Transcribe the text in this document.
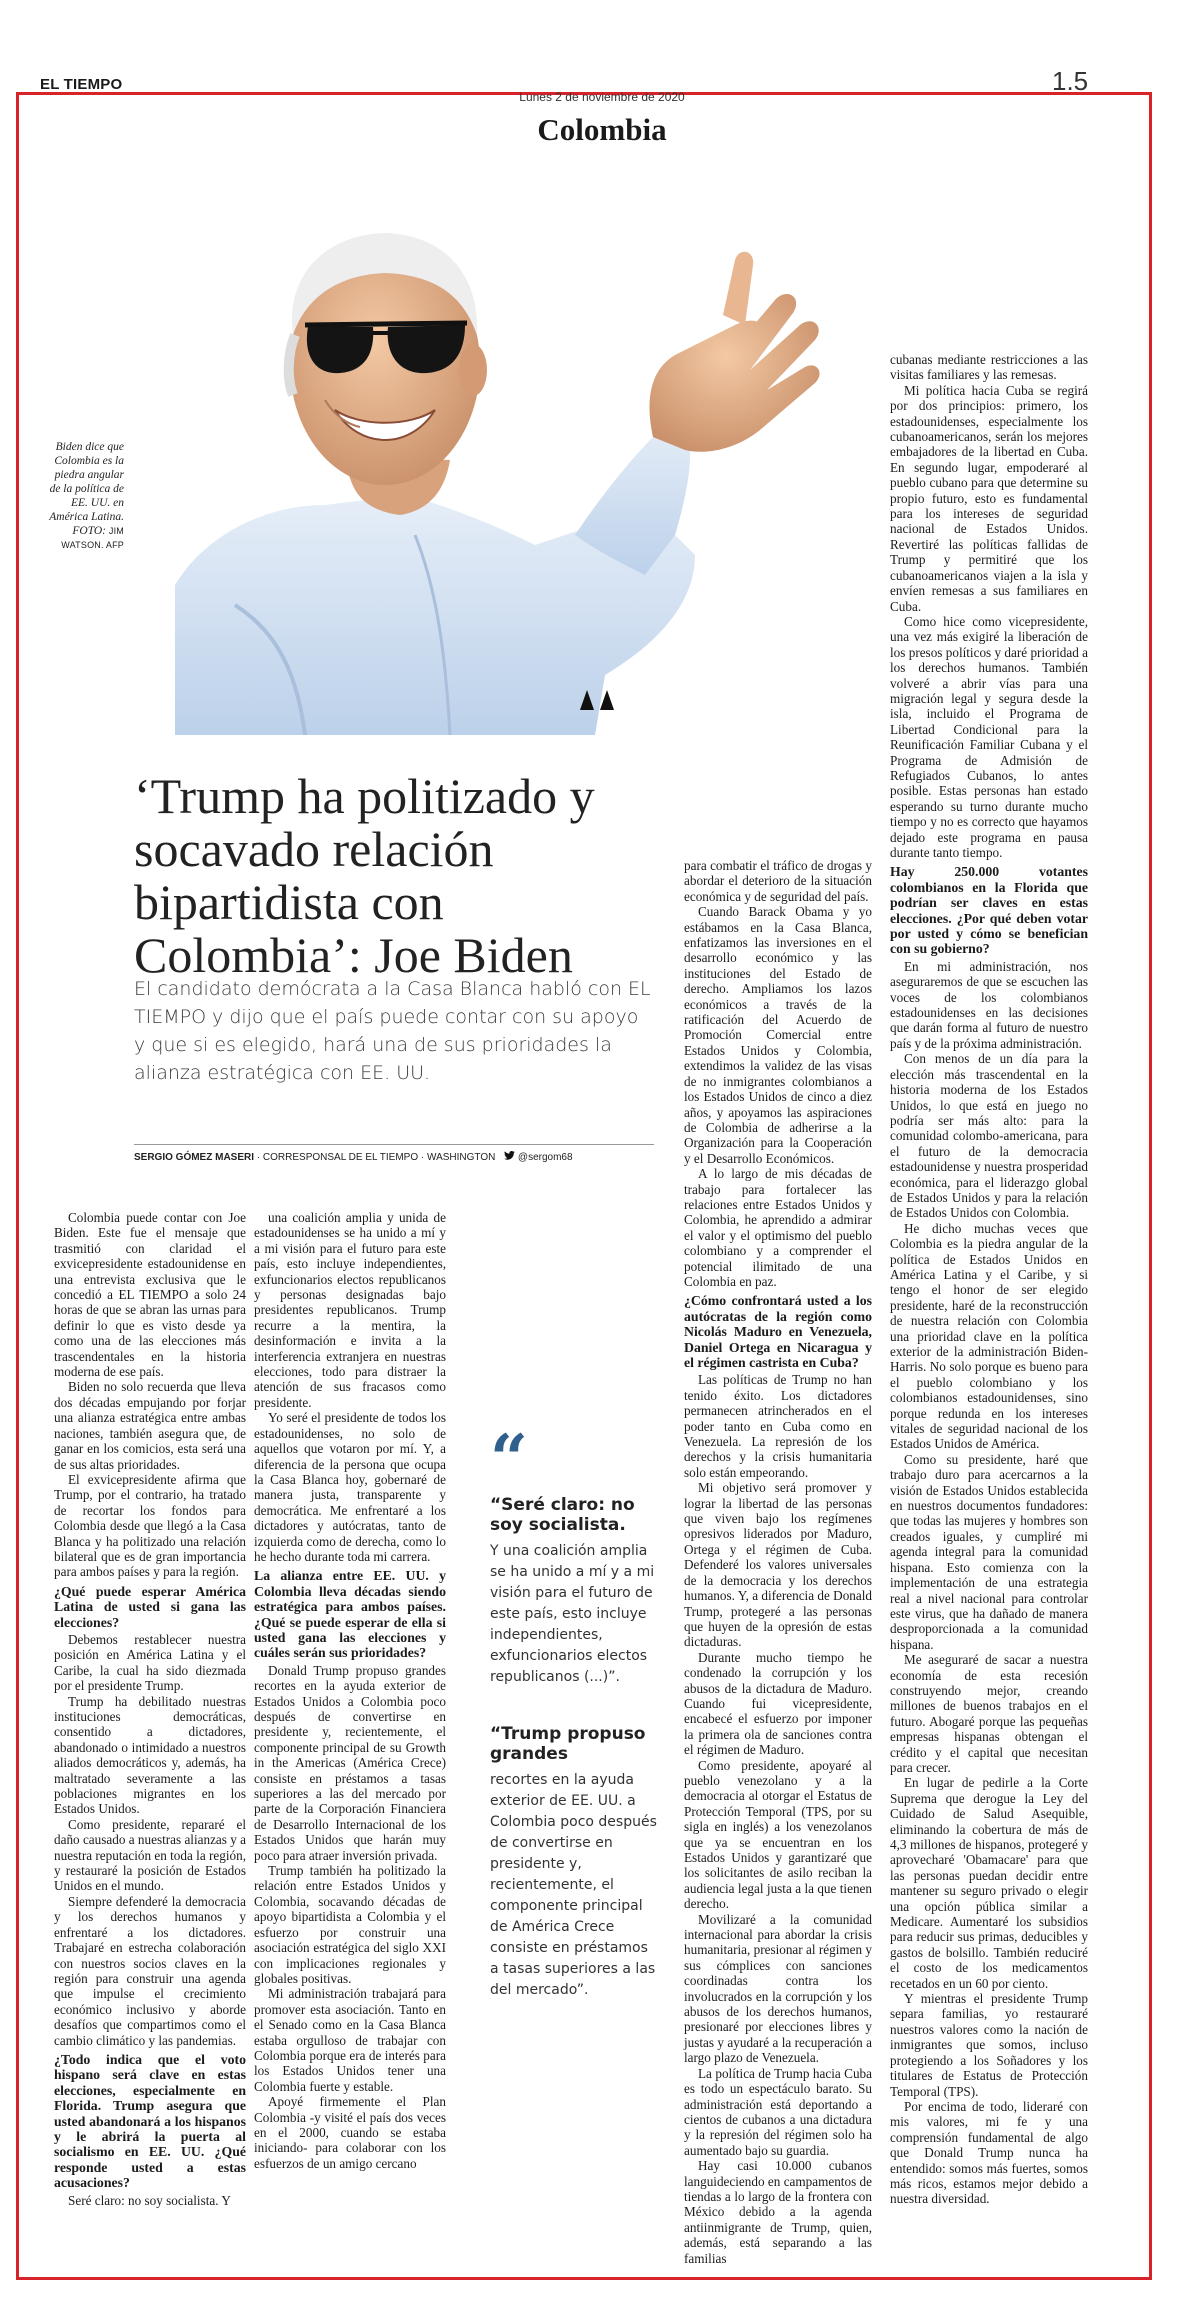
EL TIEMPO	1.5
Lunes 2 de noviembre de 2020
Colombia
Biden dice que Colombia es la piedra angular de la política de EE. UU. en América Latina. FOTO: JIM WATSON. AFP
‘Trump ha politizado y socavado relación bipartidista con Colombia’: Joe Biden
El candidato demócrata a la Casa Blanca habló con EL TIEMPO y dijo que el país puede contar con su apoyo y que si es elegido, hará una de sus prioridades la alianza estratégica con EE. UU.
SERGIO GÓMEZ MASERI · CORRESPONSAL DE EL TIEMPO · WASHINGTON @sergom68

Colombia puede contar con Joe Biden. Este fue el mensaje que trasmitió con claridad el exvicepresidente estadounidense en una entrevista exclusiva que le concedió a EL TIEMPO a solo 24 horas de que se abran las urnas para definir lo que es visto desde ya como una de las elecciones más trascendentales en la historia moderna de ese país.

Biden no solo recuerda que lleva dos décadas empujando por forjar una alianza estratégica entre ambas naciones, también asegura que, de ganar en los comicios, esta será una de sus altas prioridades.

El exvicepresidente afirma que Trump, por el contrario, ha tratado de recortar los fondos para Colombia desde que llegó a la Casa Blanca y ha politizado una relación bilateral que es de gran importancia para ambos países y para la región.

¿Qué puede esperar América Latina de usted si gana las elecciones?

Debemos restablecer nuestra posición en América Latina y el Caribe, la cual ha sido diezmada por el presidente Trump.

Trump ha debilitado nuestras instituciones democráticas, consentido a dictadores, abandonado o intimidado a nuestros aliados democráticos y, además, ha maltratado severamente a las poblaciones migrantes en los Estados Unidos.

Como presidente, repararé el daño causado a nuestras alianzas y a nuestra reputación en toda la región, y restauraré la posición de Estados Unidos en el mundo.

Siempre defenderé la democracia y los derechos humanos y enfrentaré a los dictadores. Trabajaré en estrecha colaboración con nuestros socios claves en la región para construir una agenda que impulse el crecimiento económico inclusivo y aborde desafíos que compartimos como el cambio climático y las pandemias.

¿Todo indica que el voto hispano será clave en estas elecciones, especialmente en Florida. Trump asegura que usted abandonará a los hispanos y le abrirá la puerta al socialismo en EE. UU. ¿Qué responde usted a estas acusaciones?

Seré claro: no soy socialista. Y

una coalición amplia y unida de estadounidenses se ha unido a mí y a mi visión para el futuro para este país, esto incluye independientes, exfuncionarios electos republicanos y personas designadas bajo presidentes republicanos. Trump recurre a la mentira, la desinformación e invita a la interferencia extranjera en nuestras elecciones, todo para distraer la atención de sus fracasos como presidente.

Yo seré el presidente de todos los estadounidenses, no solo de aquellos que votaron por mí. Y, a diferencia de la persona que ocupa la Casa Blanca hoy, gobernaré de manera justa, transparente y democrática. Me enfrentaré a los dictadores y autócratas, tanto de izquierda como de derecha, como lo he hecho durante toda mi carrera.

La alianza entre EE. UU. y Colombia lleva décadas siendo estratégica para ambos países. ¿Qué se puede esperar de ella si usted gana las elecciones y cuáles serán sus prioridades?

Donald Trump propuso grandes recortes en la ayuda exterior de Estados Unidos a Colombia poco después de convertirse en presidente y, recientemente, el componente principal de su Growth in the Americas (América Crece) consiste en préstamos a tasas superiores a las del mercado por parte de la Corporación Financiera de Desarrollo Internacional de los Estados Unidos que harán muy poco para atraer inversión privada.

Trump también ha politizado la relación entre Estados Unidos y Colombia, socavando décadas de apoyo bipartidista a Colombia y el esfuerzo por construir una asociación estratégica del siglo XXI con implicaciones regionales y globales positivas.

Mi administración trabajará para promover esta asociación. Tanto en el Senado como en la Casa Blanca estaba orgulloso de trabajar con Colombia porque era de interés para los Estados Unidos tener una Colombia fuerte y estable.

Apoyé firmemente el Plan Colombia -y visité el país dos veces en el 2000, cuando se estaba iniciando- para colaborar con los esfuerzos de un amigo cercano

para combatir el tráfico de drogas y abordar el deterioro de la situación económica y de seguridad del país.

Cuando Barack Obama y yo estábamos en la Casa Blanca, enfatizamos las inversiones en el desarrollo económico y las instituciones del Estado de derecho. Ampliamos los lazos económicos a través de la ratificación del Acuerdo de Promoción Comercial entre Estados Unidos y Colombia, extendimos la validez de las visas de no inmigrantes colombianos a los Estados Unidos de cinco a diez años, y apoyamos las aspiraciones de Colombia de adherirse a la Organización para la Cooperación y el Desarrollo Económicos.

A lo largo de mis décadas de trabajo para fortalecer las relaciones entre Estados Unidos y Colombia, he aprendido a admirar el valor y el optimismo del pueblo colombiano y a comprender el potencial ilimitado de una Colombia en paz.

¿Cómo confrontará usted a los autócratas de la región como Nicolás Maduro en Venezuela, Daniel Ortega en Nicaragua y el régimen castrista en Cuba?

Las políticas de Trump no han tenido éxito. Los dictadores permanecen atrincherados en el poder tanto en Cuba como en Venezuela. La represión de los derechos y la crisis humanitaria solo están empeorando.

Mi objetivo será promover y lograr la libertad de las personas que viven bajo los regímenes opresivos liderados por Maduro, Ortega y el régimen de Cuba. Defenderé los valores universales de la democracia y los derechos humanos. Y, a diferencia de Donald Trump, protegeré a las personas que huyen de la opresión de estas dictaduras.

Durante mucho tiempo he condenado la corrupción y los abusos de la dictadura de Maduro. Cuando fui vicepresidente, encabecé el esfuerzo por imponer la primera ola de sanciones contra el régimen de Maduro.

Como presidente, apoyaré al pueblo venezolano y a la democracia al otorgar el Estatus de Protección Temporal (TPS, por su sigla en inglés) a los venezolanos que ya se encuentran en los Estados Unidos y garantizaré que los solicitantes de asilo reciban la audiencia legal justa a la que tienen derecho.

Movilizaré a la comunidad internacional para abordar la crisis humanitaria, presionar al régimen y sus cómplices con sanciones coordinadas contra los involucrados en la corrupción y los abusos de los derechos humanos, presionaré por elecciones libres y justas y ayudaré a la recuperación a largo plazo de Venezuela.

La política de Trump hacia Cuba es todo un espectáculo barato. Su administración está deportando a cientos de cubanos a una dictadura y la represión del régimen solo ha aumentado bajo su guardia.

Hay casi 10.000 cubanos languideciendo en campamentos de tiendas a lo largo de la frontera con México debido a la agenda antiinmigrante de Trump, quien, además, está separando a las familias

cubanas mediante restricciones a las visitas familiares y las remesas.

Mi política hacia Cuba se regirá por dos principios: primero, los estadounidenses, especialmente los cubanoamericanos, serán los mejores embajadores de la libertad en Cuba. En segundo lugar, empoderaré al pueblo cubano para que determine su propio futuro, esto es fundamental para los intereses de seguridad nacional de Estados Unidos. Revertiré las políticas fallidas de Trump y permitiré que los cubanoamericanos viajen a la isla y envíen remesas a sus familiares en Cuba.

Como hice como vicepresidente, una vez más exigiré la liberación de los presos políticos y daré prioridad a los derechos humanos. También volveré a abrir vías para una migración legal y segura desde la isla, incluido el Programa de Libertad Condicional para la Reunificación Familiar Cubana y el Programa de Admisión de Refugiados Cubanos, lo antes posible. Estas personas han estado esperando su turno durante mucho tiempo y no es correcto que hayamos dejado este programa en pausa durante tanto tiempo.

Hay 250.000 votantes colombianos en la Florida que podrían ser claves en estas elecciones. ¿Por qué deben votar por usted y cómo se benefician con su gobierno?

En mi administración, nos aseguraremos de que se escuchen las voces de los colombianos estadounidenses en las decisiones que darán forma al futuro de nuestro país y de la próxima administración.

Con menos de un día para la elección más trascendental en la historia moderna de los Estados Unidos, lo que está en juego no podría ser más alto: para la comunidad colombo-americana, para el futuro de la democracia estadounidense y nuestra prosperidad económica, para el liderazgo global de Estados Unidos y para la relación de Estados Unidos con Colombia.

He dicho muchas veces que Colombia es la piedra angular de la política de Estados Unidos en América Latina y el Caribe, y si tengo el honor de ser elegido presidente, haré de la reconstrucción de nuestra relación con Colombia una prioridad clave en la política exterior de la administración Biden-Harris. No solo porque es bueno para el pueblo colombiano y los colombianos estadounidenses, sino porque redunda en los intereses vitales de seguridad nacional de los Estados Unidos de América.

Como su presidente, haré que trabajo duro para acercarnos a la visión de Estados Unidos establecida en nuestros documentos fundadores: que todas las mujeres y hombres son creados iguales, y cumpliré mi agenda integral para la comunidad hispana. Esto comienza con la implementación de una estrategia real a nivel nacional para controlar este virus, que ha dañado de manera desproporcionada a la comunidad hispana.

Me aseguraré de sacar a nuestra economía de esta recesión construyendo mejor, creando millones de buenos trabajos en el futuro. Abogaré porque las pequeñas empresas hispanas obtengan el crédito y el capital que necesitan para crecer.

En lugar de pedirle a la Corte Suprema que derogue la Ley del Cuidado de Salud Asequible, eliminando la cobertura de más de 4,3 millones de hispanos, protegeré y aprovecharé 'Obamacare' para que las personas puedan decidir entre mantener su seguro privado o elegir una opción pública similar a Medicare. Aumentaré los subsidios para reducir sus primas, deducibles y gastos de bolsillo. También reduciré el costo de los medicamentos recetados en un 60 por ciento.

Y mientras el presidente Trump separa familias, yo restauraré nuestros valores como la nación de inmigrantes que somos, incluso protegiendo a los Soñadores y los titulares de Estatus de Protección Temporal (TPS).

Por encima de todo, lideraré con mis valores, mi fe y una comprensión fundamental de algo que Donald Trump nunca ha entendido: somos más fuertes, somos más ricos, estamos mejor debido a nuestra diversidad.

“
“Seré claro: no soy socialista.
Y una coalición amplia se ha unido a mí y a mi visión para el futuro de este país, esto incluye independientes, exfuncionarios electos republicanos (...)”.
“Trump propuso grandes
recortes en la ayuda exterior de EE. UU. a Colombia poco después de convertirse en presidente y, recientemente, el componente principal de América Crece consiste en préstamos a tasas superiores a las del mercado”.
